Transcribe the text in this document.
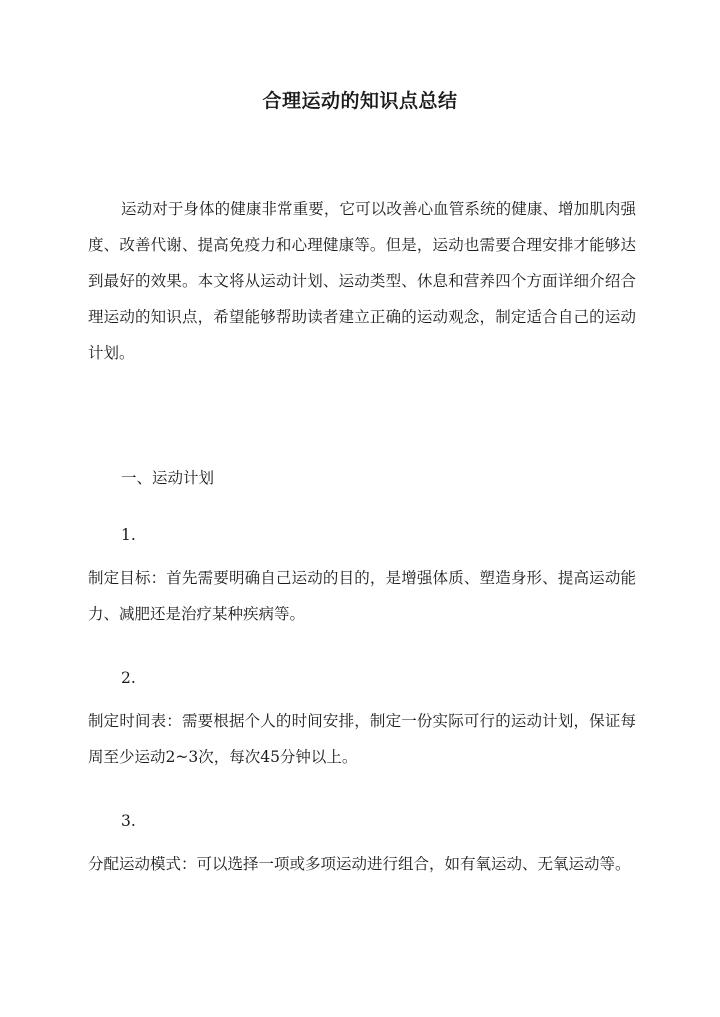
合理运动的知识点总结

运动对于身体的健康非常重要，它可以改善心血管系统的健康、增加肌肉强度、改善代谢、提高免疫力和心理健康等。但是，运动也需要合理安排才能够达到最好的效果。本文将从运动计划、运动类型、休息和营养四个方面详细介绍合理运动的知识点，希望能够帮助读者建立正确的运动观念，制定适合自己的运动计划。

一、运动计划

1.

制定目标：首先需要明确自己运动的目的，是增强体质、塑造身形、提高运动能力、减肥还是治疗某种疾病等。

2.

制定时间表：需要根据个人的时间安排，制定一份实际可行的运动计划，保证每周至少运动2~3次，每次45分钟以上。

3.

分配运动模式：可以选择一项或多项运动进行组合，如有氧运动、无氧运动等。
